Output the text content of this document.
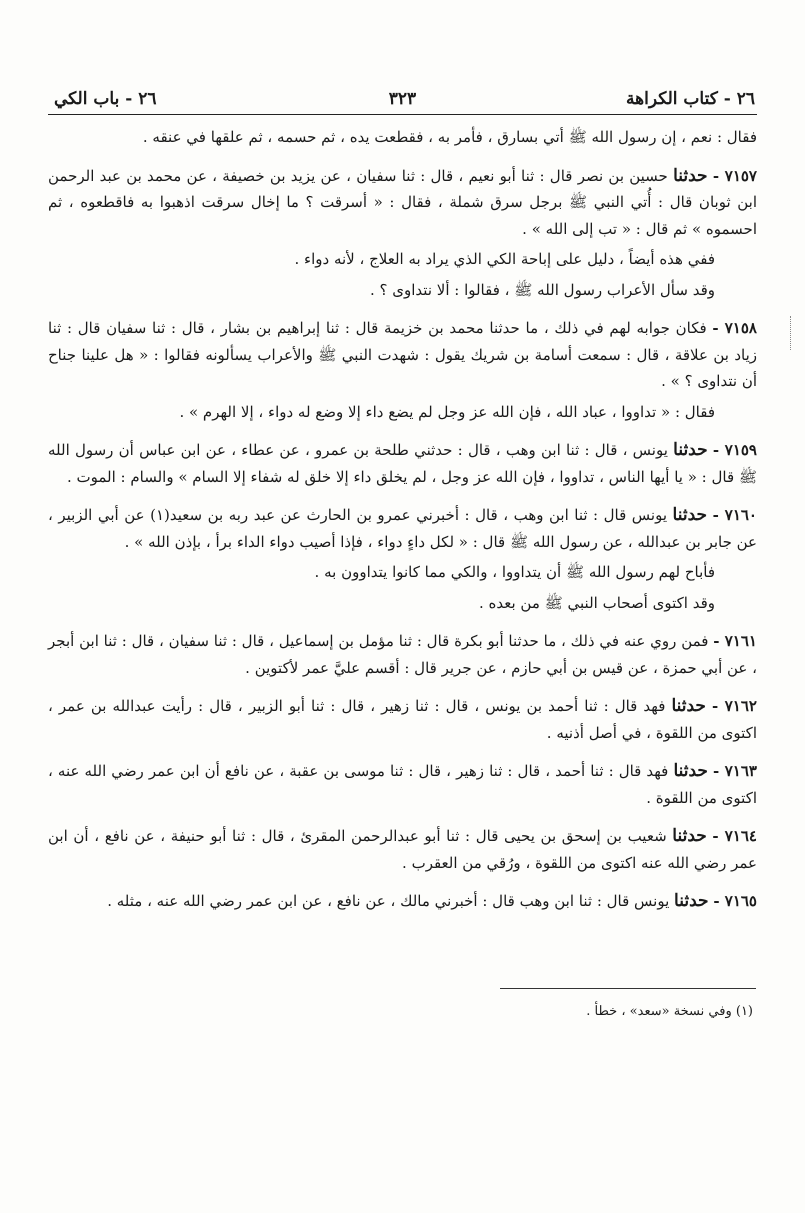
٢٦ - كتاب الكراهة
٣٢٣
٢٦ - باب الكي

فقال : نعم ، إن رسول الله ﷺ أتي بسارق ، فأمر به ، فقطعت يده ، ثم حسمه ، ثم علقها في عنقه .

٧١٥٧ - حدثنا حسين بن نصر قال : ثنا أبو نعيم ، قال : ثنا سفيان ، عن يزيد بن خصيفة ، عن محمد بن عبد الرحمن ابن ثوبان قال : أُتي النبي ﷺ برجل سرق شملة ، فقال : « أسرقت ؟ ما إخال سرقت اذهبوا به فاقطعوه ، ثم احسموه » ثم قال : « تب إلى الله » .

ففي هذه أيضاً ، دليل على إباحة الكي الذي يراد به العلاج ، لأنه دواء .

وقد سأل الأعراب رسول الله ﷺ ، فقالوا : ألا نتداوى ؟ .

٧١٥٨ - فكان جوابه لهم في ذلك ، ما حدثنا محمد بن خزيمة قال : ثنا إبراهيم بن بشار ، قال : ثنا سفيان قال : ثنا زياد بن علاقة ، قال : سمعت أسامة بن شريك يقول : شهدت النبي ﷺ والأعراب يسألونه فقالوا : « هل علينا جناح أن نتداوى ؟ » .

فقال : « تداووا ، عباد الله ، فإن الله عز وجل لم يضع داء إلا وضع له دواء ، إلا الهرم » .

٧١٥٩ - حدثنا يونس ، قال : ثنا ابن وهب ، قال : حدثني طلحة بن عمرو ، عن عطاء ، عن ابن عباس أن رسول الله ﷺ قال : « يا أيها الناس ، تداووا ، فإن الله عز وجل ، لم يخلق داء إلا خلق له شفاء إلا السام » والسام : الموت .

٧١٦٠ - حدثنا يونس قال : ثنا ابن وهب ، قال : أخبرني عمرو بن الحارث عن عبد ربه بن سعيد(١) عن أبي الزبير ، عن جابر بن عبدالله ، عن رسول الله ﷺ قال : « لكل داءٍ دواء ، فإذا أصيب دواء الداء برأ ، بإذن الله » .

فأباح لهم رسول الله ﷺ أن يتداووا ، والكي مما كانوا يتداوون به .

وقد اكتوى أصحاب النبي ﷺ من بعده .

٧١٦١ - فمن روي عنه في ذلك ، ما حدثنا أبو بكرة قال : ثنا مؤمل بن إسماعيل ، قال : ثنا سفيان ، قال : ثنا ابن أبجر ، عن أبي حمزة ، عن قيس بن أبي حازم ، عن جرير قال : أقسم عليَّ عمر لأكتوين .

٧١٦٢ - حدثنا فهد قال : ثنا أحمد بن يونس ، قال : ثنا زهير ، قال : ثنا أبو الزبير ، قال : رأيت عبدالله بن عمر ، اكتوى من اللقوة ، في أصل أذنيه .

٧١٦٣ - حدثنا فهد قال : ثنا أحمد ، قال : ثنا زهير ، قال : ثنا موسى بن عقبة ، عن نافع أن ابن عمر رضي الله عنه ، اكتوى من اللقوة .

٧١٦٤ - حدثنا شعيب بن إسحق بن يحيى قال : ثنا أبو عبدالرحمن المقرئ ، قال : ثنا أبو حنيفة ، عن نافع ، أن ابن عمر رضي الله عنه اكتوى من اللقوة ، ورُقي من العقرب .

٧١٦٥ - حدثنا يونس قال : ثنا ابن وهب قال : أخبرني مالك ، عن نافع ، عن ابن عمر رضي الله عنه ، مثله .

(١) وفي نسخة «سعد» ، خطأ .
